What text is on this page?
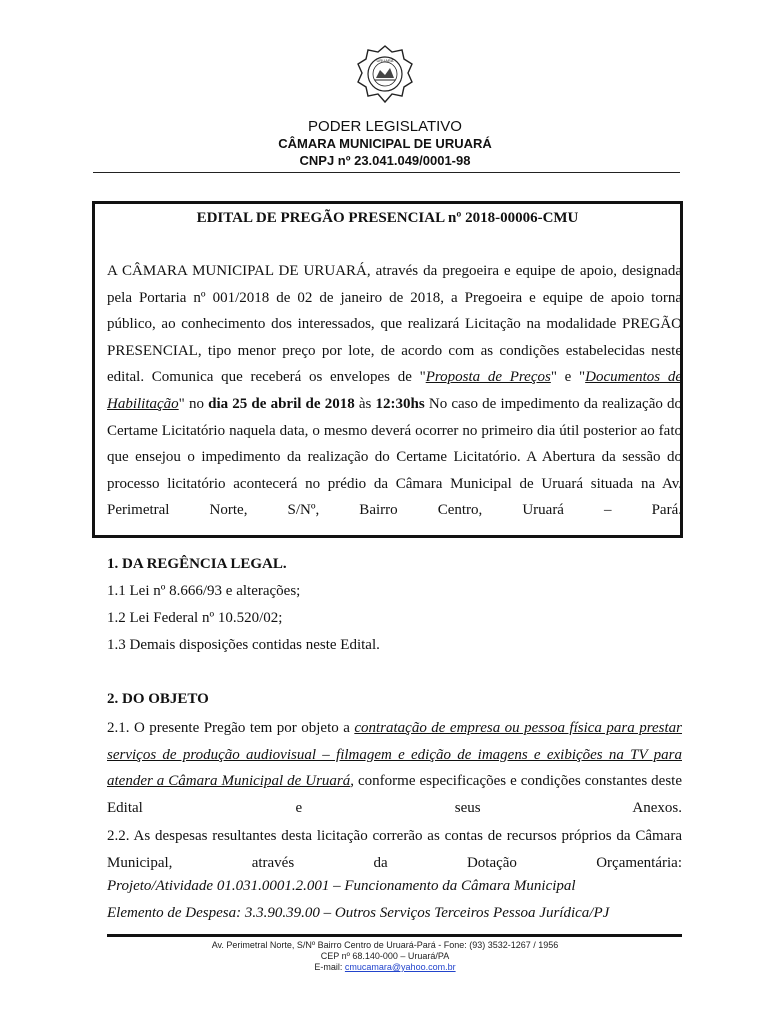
URUARÁ
PODER LEGISLATIVO
CÂMARA MUNICIPAL DE URUARÁ
CNPJ nº 23.041.049/0001-98
EDITAL DE PREGÃO PRESENCIAL nº 2018-00006-CMU
A CÂMARA MUNICIPAL DE URUARÁ, através da pregoeira e equipe de apoio, designada pela Portaria nº 001/2018 de 02 de janeiro de 2018, a Pregoeira e equipe de apoio torna público, ao conhecimento dos interessados, que realizará Licitação na modalidade PREGÃO PRESENCIAL, tipo menor preço por lote, de acordo com as condições estabelecidas neste edital. Comunica que receberá os envelopes de "Proposta de Preços" e "Documentos de Habilitação" no dia 25 de abril de 2018 às 12:30hs No caso de impedimento da realização do Certame Licitatório naquela data, o mesmo deverá ocorrer no primeiro dia útil posterior ao fato que ensejou o impedimento da realização do Certame Licitatório. A Abertura da sessão do processo licitatório acontecerá no prédio da Câmara Municipal de Uruará situada na Av. Perimetral Norte, S/Nº, Bairro Centro, Uruará – Pará.
1. DA REGÊNCIA LEGAL.
1.1 Lei nº 8.666/93 e alterações;
1.2 Lei Federal nº 10.520/02;
1.3 Demais disposições contidas neste Edital.
2. DO OBJETO
2.1. O presente Pregão tem por objeto a contratação de empresa ou pessoa física para prestar serviços de produção audiovisual – filmagem e edição de imagens e exibições na TV para atender a Câmara Municipal de Uruará, conforme especificações e condições constantes deste Edital e seus Anexos.
2.2. As despesas resultantes desta licitação correrão as contas de recursos próprios da Câmara Municipal, através da Dotação Orçamentária:
Projeto/Atividade 01.031.0001.2.001 – Funcionamento da Câmara Municipal
Elemento de Despesa: 3.3.90.39.00 – Outros Serviços Terceiros Pessoa Jurídica/PJ
Av. Perimetral Norte, S/Nº Bairro Centro de Uruará-Pará - Fone: (93) 3532-1267 / 1956
CEP nº 68.140-000 – Uruará/PA
E-mail: cmucamara@yahoo.com.br
